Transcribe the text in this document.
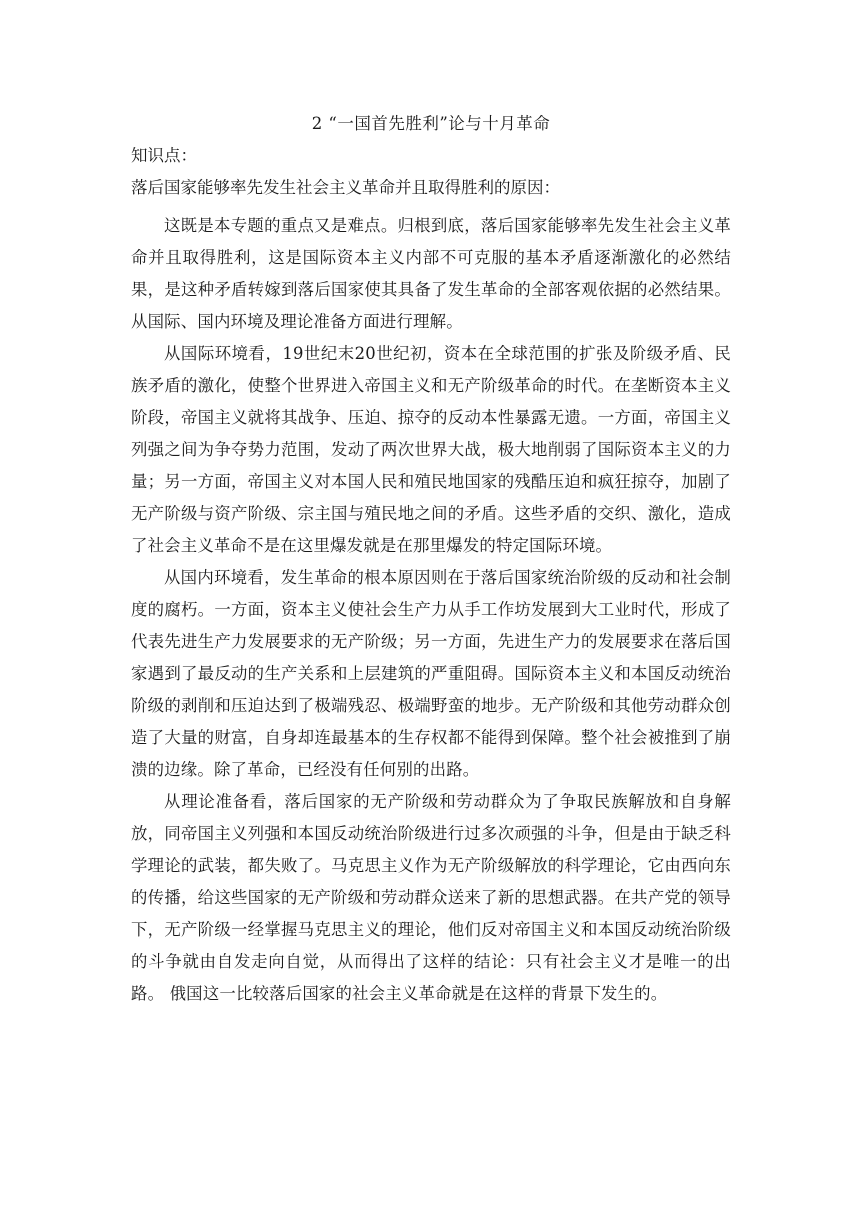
2 “一国首先胜利”论与十月革命
知识点：
落后国家能够率先发生社会主义革命并且取得胜利的原因：

这既是本专题的重点又是难点。归根到底，落后国家能够率先发生社会主义革命并且取得胜利，这是国际资本主义内部不可克服的基本矛盾逐渐激化的必然结果，是这种矛盾转嫁到落后国家使其具备了发生革命的全部客观依据的必然结果。从国际、国内环境及理论准备方面进行理解。

从国际环境看，19世纪末20世纪初，资本在全球范围的扩张及阶级矛盾、民族矛盾的激化，使整个世界进入帝国主义和无产阶级革命的时代。在垄断资本主义阶段，帝国主义就将其战争、压迫、掠夺的反动本性暴露无遗。一方面，帝国主义列强之间为争夺势力范围，发动了两次世界大战，极大地削弱了国际资本主义的力量；另一方面，帝国主义对本国人民和殖民地国家的残酷压迫和疯狂掠夺，加剧了无产阶级与资产阶级、宗主国与殖民地之间的矛盾。这些矛盾的交织、激化，造成了社会主义革命不是在这里爆发就是在那里爆发的特定国际环境。

从国内环境看，发生革命的根本原因则在于落后国家统治阶级的反动和社会制度的腐朽。一方面，资本主义使社会生产力从手工作坊发展到大工业时代，形成了代表先进生产力发展要求的无产阶级；另一方面，先进生产力的发展要求在落后国家遇到了最反动的生产关系和上层建筑的严重阻碍。国际资本主义和本国反动统治阶级的剥削和压迫达到了极端残忍、极端野蛮的地步。无产阶级和其他劳动群众创造了大量的财富，自身却连最基本的生存权都不能得到保障。整个社会被推到了崩溃的边缘。除了革命，已经没有任何别的出路。

从理论准备看，落后国家的无产阶级和劳动群众为了争取民族解放和自身解放，同帝国主义列强和本国反动统治阶级进行过多次顽强的斗争，但是由于缺乏科学理论的武装，都失败了。马克思主义作为无产阶级解放的科学理论，它由西向东的传播，给这些国家的无产阶级和劳动群众送来了新的思想武器。在共产党的领导下，无产阶级一经掌握马克思主义的理论，他们反对帝国主义和本国反动统治阶级的斗争就由自发走向自觉，从而得出了这样的结论：只有社会主义才是唯一的出路。 俄国这一比较落后国家的社会主义革命就是在这样的背景下发生的。
